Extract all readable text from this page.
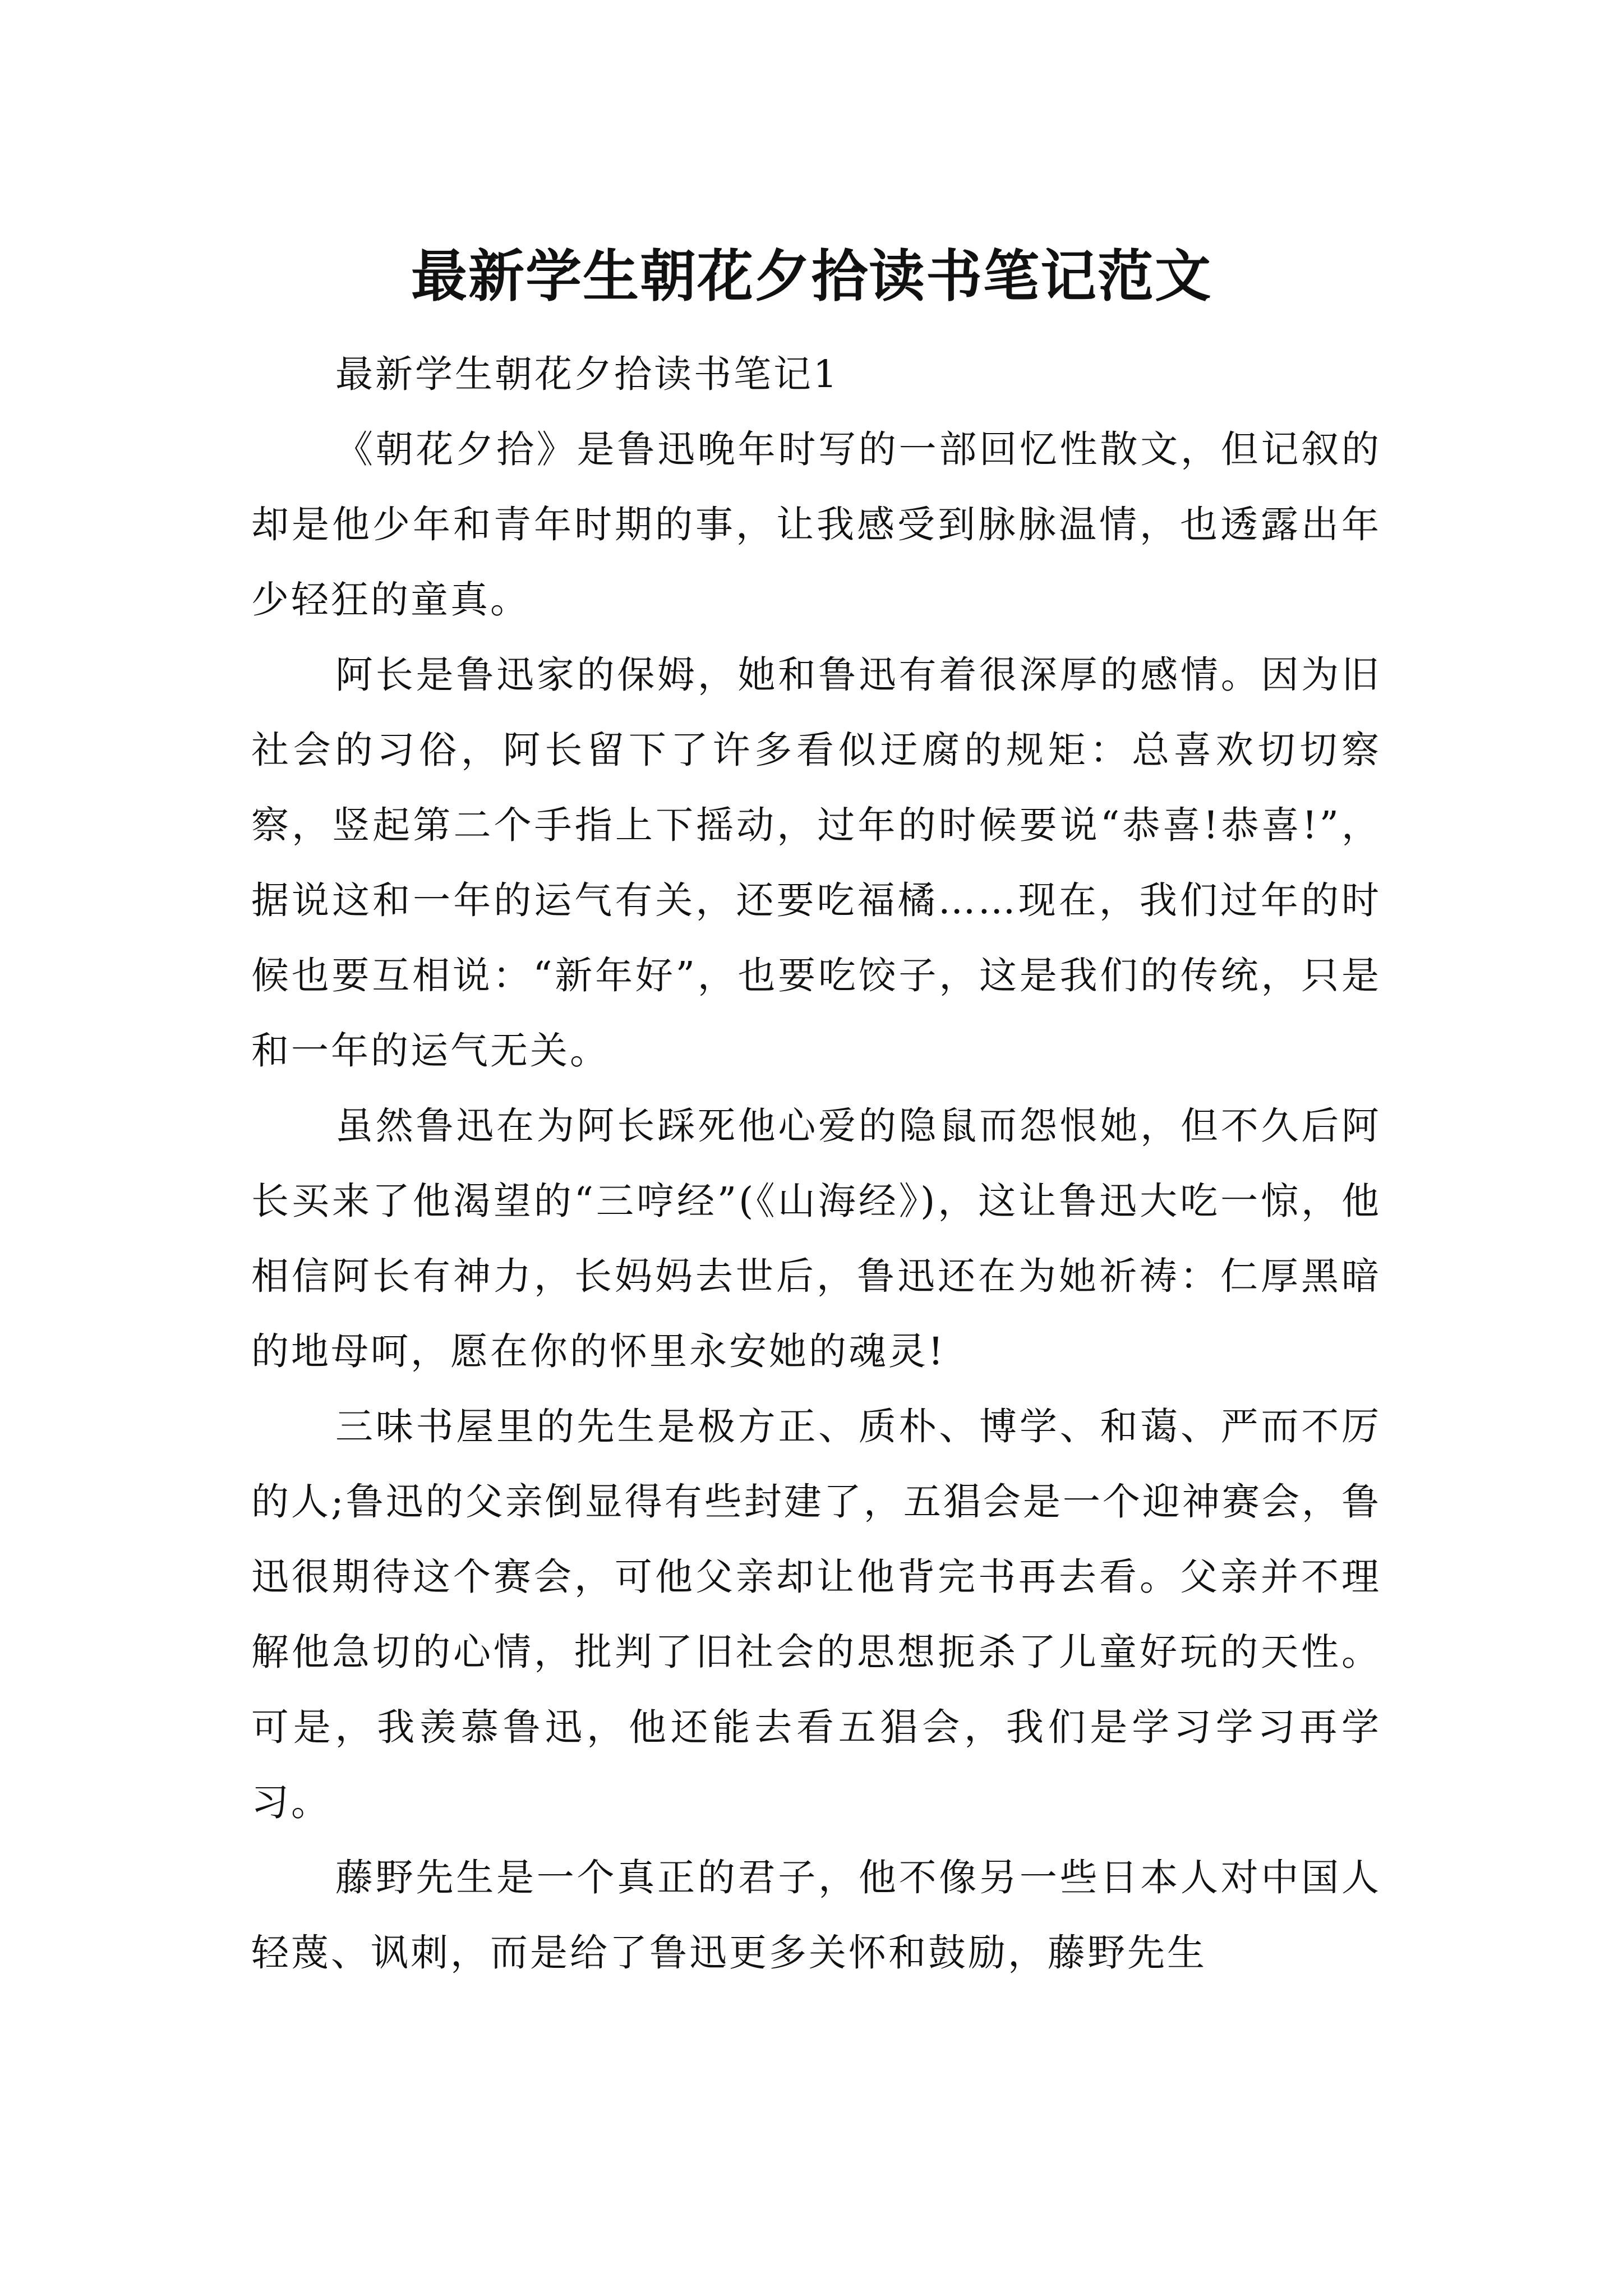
最新学生朝花夕拾读书笔记范文

最新学生朝花夕拾读书笔记1

《朝花夕拾》是鲁迅晚年时写的一部回忆性散文，但记叙的却是他少年和青年时期的事，让我感受到脉脉温情，也透露出年少轻狂的童真。

阿长是鲁迅家的保姆，她和鲁迅有着很深厚的感情。因为旧社会的习俗，阿长留下了许多看似迂腐的规矩：总喜欢切切察察，竖起第二个手指上下摇动，过年的时候要说“恭喜!恭喜!”，据说这和一年的运气有关，还要吃福橘……现在，我们过年的时候也要互相说：“新年好”，也要吃饺子，这是我们的传统，只是和一年的运气无关。

虽然鲁迅在为阿长踩死他心爱的隐鼠而怨恨她，但不久后阿长买来了他渴望的“三哼经”(《山海经》)，这让鲁迅大吃一惊，他相信阿长有神力，长妈妈去世后，鲁迅还在为她祈祷：仁厚黑暗的地母呵，愿在你的怀里永安她的魂灵!

三味书屋里的先生是极方正、质朴、博学、和蔼、严而不厉的人;鲁迅的父亲倒显得有些封建了，五猖会是一个迎神赛会，鲁迅很期待这个赛会，可他父亲却让他背完书再去看。父亲并不理解他急切的心情，批判了旧社会的思想扼杀了儿童好玩的天性。可是，我羡慕鲁迅，他还能去看五猖会，我们是学习学习再学习。

藤野先生是一个真正的君子，他不像另一些日本人对中国人轻蔑、讽刺，而是给了鲁迅更多关怀和鼓励，藤野先生
